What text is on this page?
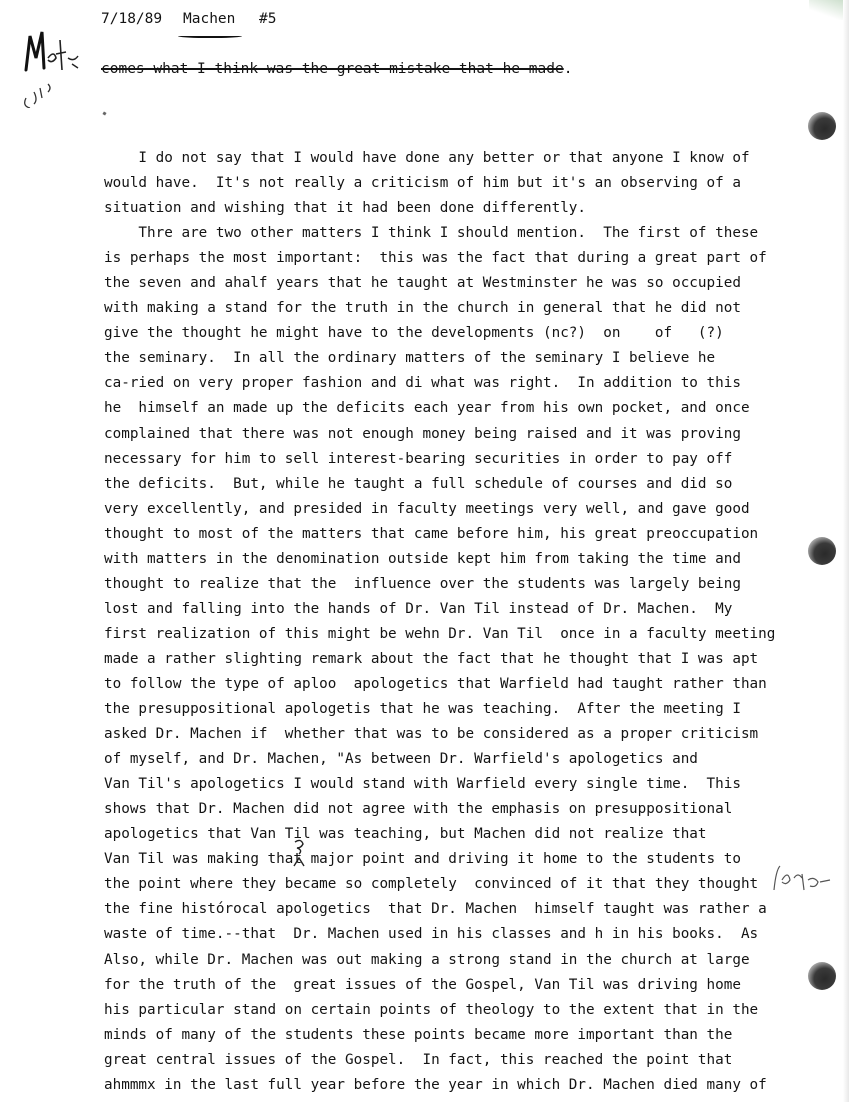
7/18/89 Machen #5
comes what I think was the great mistake that he made.
I do not say that I would have done any better or that anyone I know of
would have.  It's not really a criticism of him but it's an observing of a
situation and wishing that it had been done differently.
Thre are two other matters I think I should mention.  The first of these
is perhaps the most important:  this was the fact that during a great part of
the seven and ahalf years that he taught at Westminster he was so occupied
with making a stand for the truth in the church in general that he did not
give the thought he might have to the developments (nc?)  on    of   (?)
the seminary.  In all the ordinary matters of the seminary I believe he
ca-ried on very proper fashion and di what was right.  In addition to this
he  himself an made up the deficits each year from his own pocket, and once
complained that there was not enough money being raised and it was proving
necessary for him to sell interest-bearing securities in order to pay off
the deficits.  But, while he taught a full schedule of courses and did so
very excellently, and presided in faculty meetings very well, and gave good
thought to most of the matters that came before him, his great preoccupation
with matters in the denomination outside kept him from taking the time and
thought to realize that the  influence over the students was largely being
lost and falling into the hands of Dr. Van Til instead of Dr. Machen.  My
first realization of this might be wehn Dr. Van Til  once in a faculty meeting
made a rather slighting remark about the fact that he thought that I was apt
to follow the type of aploo  apologetics that Warfield had taught rather than
the presuppositional apologetis that he was teaching.  After the meeting I
asked Dr. Machen if  whether that was to be considered as a proper criticism
of myself, and Dr. Machen, "As between Dr. Warfield's apologetics and
Van Til's apologetics I would stand with Warfield every single time.  This
shows that Dr. Machen did not agree with the emphasis on presuppositional
apologetics that Van Til was teaching, but Machen did not realize that
Van Til was making that major point and driving it home to the students to
the point where they became so completely  convinced of it that they thought
the fine histórocal apologetics  that Dr. Machen  himself taught was rather a
waste of time.--that  Dr. Machen used in his classes and h in his books.  As
Also, while Dr. Machen was out making a strong stand in the church at large
for the truth of the  great issues of the Gospel, Van Til was driving home
his particular stand on certain points of theology to the extent that in the
minds of many of the students these points became more important than the
great central issues of the Gospel.  In fact, this reached the point that
ahmmmx in the last full year before the year in which Dr. Machen died many of
